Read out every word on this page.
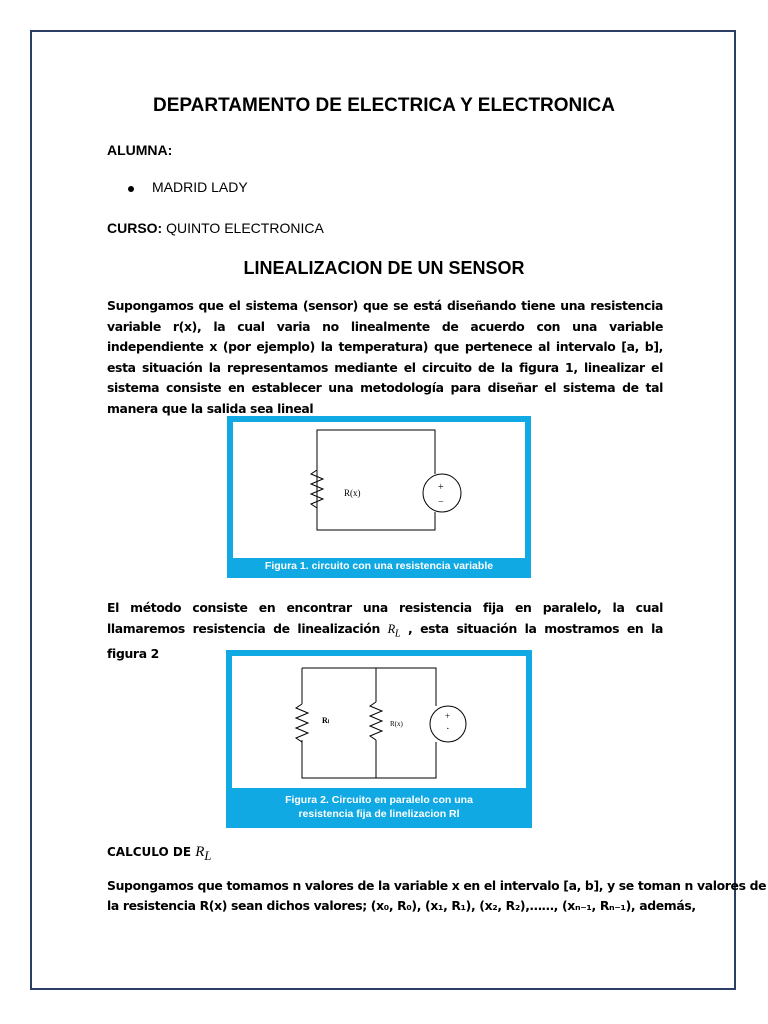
DEPARTAMENTO DE ELECTRICA Y ELECTRONICA
ALUMNA:
MADRID LADY
CURSO: QUINTO ELECTRONICA
LINEALIZACION DE UN SENSOR
Supongamos que el sistema (sensor) que se está diseñando tiene una resistencia variable r(x), la cual varia no linealmente de acuerdo con una variable independiente x (por ejemplo) la temperatura) que pertenece al intervalo [a, b], esta situación la representamos mediante el circuito de la figura 1, linealizar el sistema consiste en establecer una metodología para diseñar el sistema de tal manera que la salida sea lineal
R(x)	+
−
Figura 1. circuito con una resistencia variable
El método consiste en encontrar una resistencia fija en paralelo, la cual llamaremos resistencia de linealización $R_L$ , esta situación la mostramos en la figura 2
Rₗ	R(x)
+
·
Figura 2. Circuito en paralelo con una
resistencia fija de linelizacion Rl
CALCULO DE $R_L$
Supongamos que tomamos n valores de la variable x en el intervalo [a, b], y se toman n valores de
la resistencia R(x) sean dichos valores; (x₀, R₀), (x₁, R₁), (x₂, R₂),……, (xₙ₋₁, Rₙ₋₁), además,
